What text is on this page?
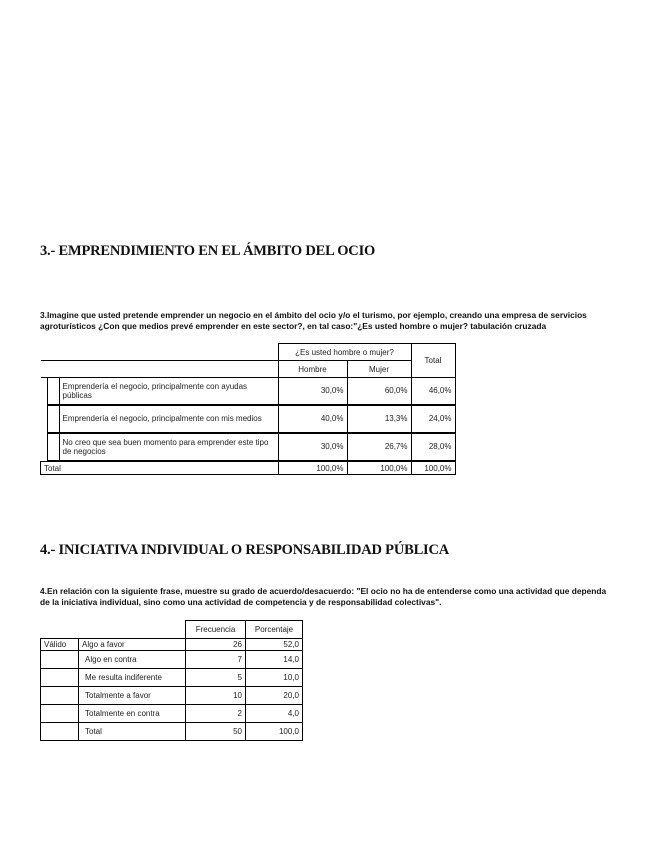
3.- EMPRENDIMIENTO EN EL ÁMBITO DEL OCIO

3.Imagine que usted pretende emprender un negocio en el ámbito del ocio y/o el turismo, por ejemplo, creando una empresa de servicios agroturísticos ¿Con que medios prevé emprender en este sector?, en tal caso:"¿Es usted hombre o mujer? tabulación cruzada

			¿Es usted hombre o mujer?		Total
			Hombre	Mujer	
		Emprendería el negocio, principalmente con ayudas públicas	30,0%	60,0%	46,0%
		Emprendería el negocio, principalmente con mis medios	40,0%	13,3%	24,0%
		No creo que sea buen momento para emprender este tipo de negocios	30,0%	26,7%	28,0%
Total			100,0%	100,0%	100,0%
4.- INICIATIVA INDIVIDUAL O RESPONSABILIDAD PÚBLICA

4.En relación con la siguiente frase, muestre su grado de acuerdo/desacuerdo: "El ocio no ha de entenderse como una actividad que dependa de la iniciativa individual, sino como una actividad de competencia y de responsabilidad colectivas".

		Frecuencia	Porcentaje
Válido	Algo a favor	26	52,0
	Algo en contra	7	14,0
	Me resulta indiferente	5	10,0
	Totalmente a favor	10	20,0
	Totalmente en contra	2	4,0
	Total	50	100,0
